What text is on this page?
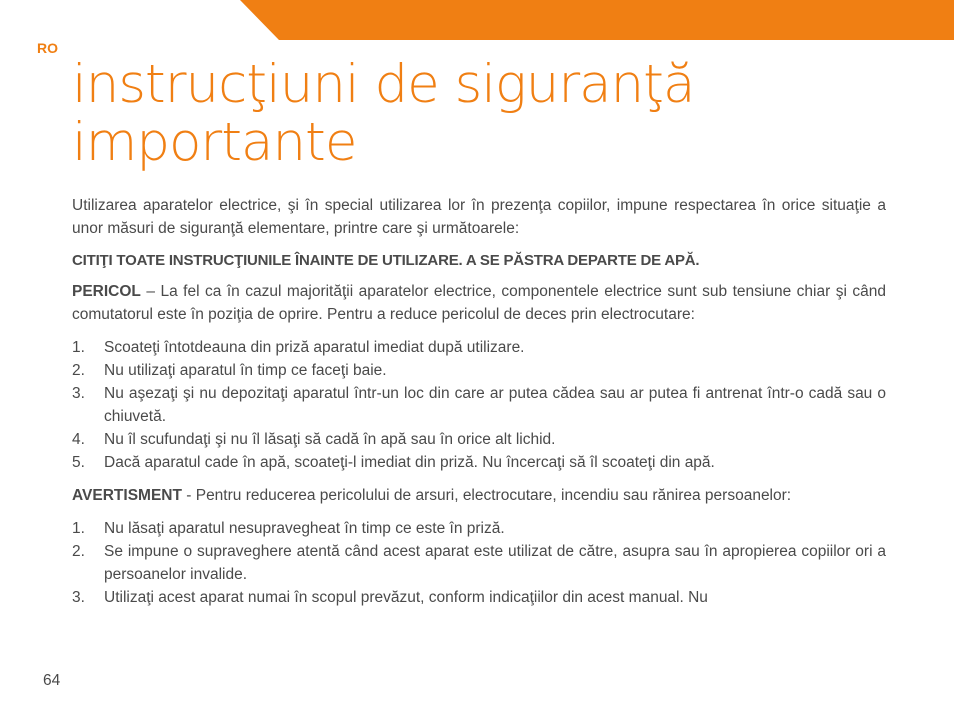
RO
instrucţiuni de siguranţă
importante

Utilizarea aparatelor electrice, şi în special utilizarea lor în prezenţa copiilor, impune respectarea în orice situaţie a unor măsuri de siguranţă elementare, printre care şi următoarele:

CITIŢI TOATE INSTRUCŢIUNILE ÎNAINTE DE UTILIZARE. A SE PĂSTRA DEPARTE DE APĂ.

PERICOL – La fel ca în cazul majorităţii aparatelor electrice, componentele electrice sunt sub tensiune chiar şi când comutatorul este în poziţia de oprire. Pentru a reduce pericolul de deces prin electrocutare:

1. Scoateţi întotdeauna din priză aparatul imediat după utilizare.
2. Nu utilizaţi aparatul în timp ce faceţi baie.
3. Nu aşezaţi şi nu depozitaţi aparatul într-un loc din care ar putea cădea sau ar putea fi antrenat într-o cadă sau o chiuvetă.
4. Nu îl scufundaţi şi nu îl lăsaţi să cadă în apă sau în orice alt lichid.
5. Dacă aparatul cade în apă, scoateţi-l imediat din priză. Nu încercaţi să îl scoateţi din apă.

AVERTISMENT - Pentru reducerea pericolului de arsuri, electrocutare, incendiu sau rănirea persoanelor:

1. Nu lăsaţi aparatul nesupravegheat în timp ce este în priză.
2. Se impune o supraveghere atentă când acest aparat este utilizat de către, asupra sau în apropierea copiilor ori a persoanelor invalide.
3. Utilizaţi acest aparat numai în scopul prevăzut, conform indicaţiilor din acest manual. Nu
64
